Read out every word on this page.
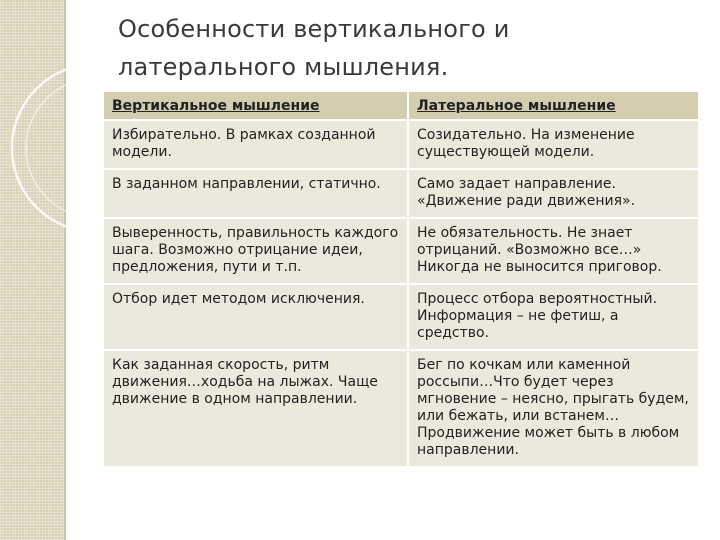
Особенности вертикального и
латерального мышления.
Вертикальное мышление	Латеральное мышление
Избирательно. В рамках созданной модели.	Созидательно. На изменение существующей модели.
В заданном направлении, статично.	Само задает направление. «Движение ради движения».
Выверенность, правильность каждого шага. Возможно отрицание идеи, предложения, пути и т.п.	Не обязательность. Не знает отрицаний. «Возможно все…» Никогда не выносится приговор.
Отбор идет методом исключения.	Процесс отбора вероятностный. Информация – не фетиш, а средство.
Как заданная скорость, ритм движения…ходьба на лыжах. Чаще движение в одном направлении.	Бег по кочкам или каменной россыпи…Что будет через мгновение – неясно, прыгать будем, или бежать, или встанем… Продвижение может быть в любом направлении.
